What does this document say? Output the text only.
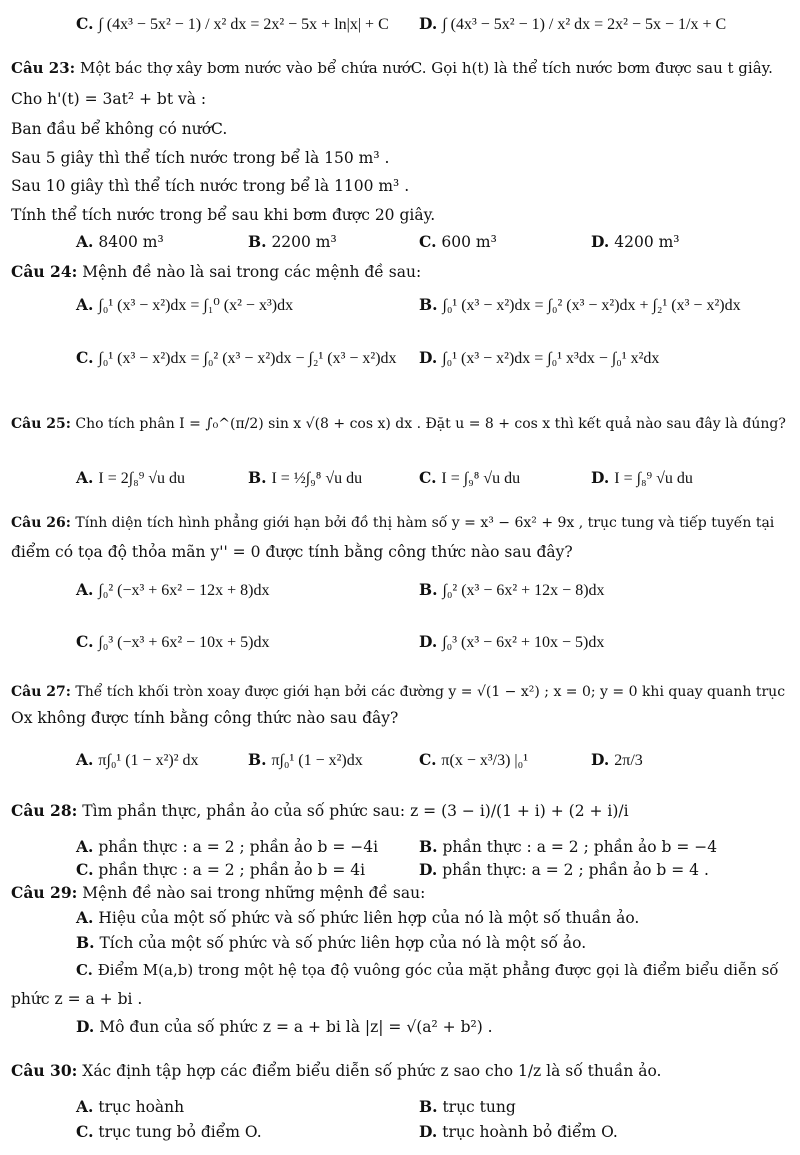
C. ∫ (4x³ − 5x² − 1) / x² dx = 2x² − 5x + ln|x| + C D. ∫ (4x³ − 5x² − 1) / x² dx = 2x² − 5x − 1/x + C
Câu 23: Một bác thợ xây bơm nước vào bể chứa nướC. Gọi h(t) là thể tích nước bơm được sau t giây.
Cho h'(t) = 3at² + bt và :
Ban đầu bể không có nướC.
Sau 5 giây thì thể tích nước trong bể là 150 m³ .
Sau 10 giây thì thể tích nước trong bể là 1100 m³ .
Tính thể tích nước trong bể sau khi bơm được 20 giây.
A. 8400 m³	B. 2200 m³	C. 600 m³	D. 4200 m³
Câu 24: Mệnh đề nào là sai trong các mệnh đề sau:
A. ∫₀¹ (x³ − x²)dx = ∫₁⁰ (x² − x³)dx	B. ∫₀¹ (x³ − x²)dx = ∫₀² (x³ − x²)dx + ∫₂¹ (x³ − x²)dx
C. ∫₀¹ (x³ − x²)dx = ∫₀² (x³ − x²)dx − ∫₂¹ (x³ − x²)dx D. ∫₀¹ (x³ − x²)dx = ∫₀¹ x³dx − ∫₀¹ x²dx
Câu 25: Cho tích phân I = ∫₀^(π/2) sin x √(8 + cos x) dx . Đặt u = 8 + cos x thì kết quả nào sau đây là đúng?
A. I = 2∫₈⁹ √u du	B. I = ½∫₉⁸ √u du	C. I = ∫₉⁸ √u du	D. I = ∫₈⁹ √u du
Câu 26: Tính diện tích hình phẳng giới hạn bởi đồ thị hàm số y = x³ − 6x² + 9x , trục tung và tiếp tuyến tại
điểm có tọa độ thỏa mãn y'' = 0 được tính bằng công thức nào sau đây?
A. ∫₀² (−x³ + 6x² − 12x + 8)dx	B. ∫₀² (x³ − 6x² + 12x − 8)dx
C. ∫₀³ (−x³ + 6x² − 10x + 5)dx	D. ∫₀³ (x³ − 6x² + 10x − 5)dx
Câu 27: Thể tích khối tròn xoay được giới hạn bởi các đường y = √(1 − x²) ; x = 0; y = 0 khi quay quanh trục
Ox không được tính bằng công thức nào sau đây?
A. π∫₀¹ (1 − x²)² dx	B. π∫₀¹ (1 − x²)dx	C. π(x − x³/3) |₀¹	D. 2π/3
Câu 28: Tìm phần thực, phần ảo của số phức sau: z = (3 − i)/(1 + i) + (2 + i)/i
A. phần thực : a = 2 ; phần ảo b = −4i	B. phần thực : a = 2 ; phần ảo b = −4
C. phần thực : a = 2 ; phần ảo b = 4i	D. phần thực: a = 2 ; phần ảo b = 4 .
Câu 29: Mệnh đề nào sai trong những mệnh đề sau:
A. Hiệu của một số phức và số phức liên hợp của nó là một số thuần ảo.
B. Tích của một số phức và số phức liên hợp của nó là một số ảo.
C. Điểm M(a,b) trong một hệ tọa độ vuông góc của mặt phẳng được gọi là điểm biểu diễn số
phức z = a + bi .
D. Mô đun của số phức z = a + bi là |z| = √(a² + b²) .
Câu 30: Xác định tập hợp các điểm biểu diễn số phức z sao cho 1/z là số thuần ảo.
A. trục hoành	B. trục tung
C. trục tung bỏ điểm O.	D. trục hoành bỏ điểm O.
